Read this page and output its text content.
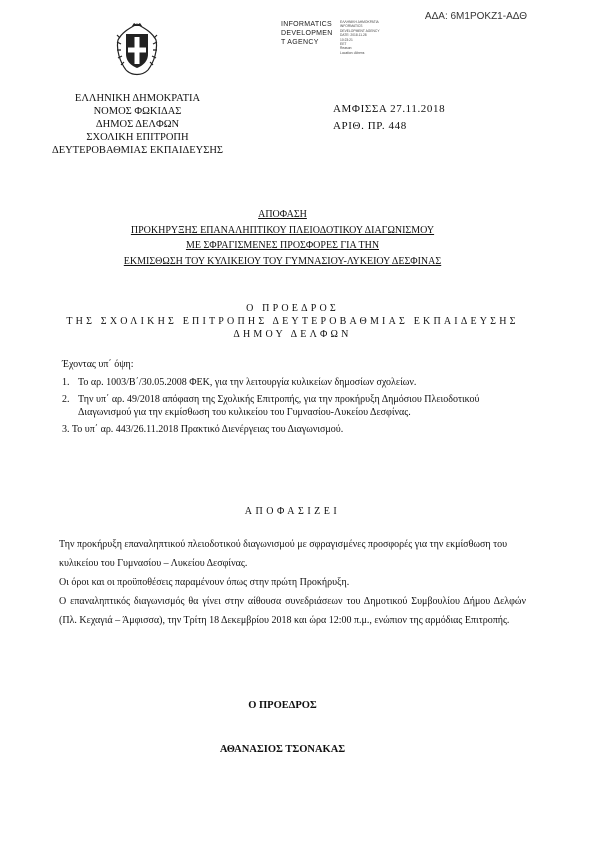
ΑΔΑ: 6Μ1ΡΟΚΖ1-ΑΔΘ
INFORMATICS
DEVELOPMEN
T AGENCY
ΕΛΛΗΝΙΚΗ ΔΗΜΟΚΡΑΤΙΑ
INFORMATICS DEVELOPMENT AGENCY
DATE: 2018.11.28 10:23:21
EET
Reason:
Location: Athens
ΕΛΛΗΝΙΚΗ ΔΗΜΟΚΡΑΤΙΑ
ΝΟΜΟΣ ΦΩΚΙΔΑΣ
ΔΗΜΟΣ ΔΕΛΦΩΝ
ΣΧΟΛΙΚΗ ΕΠΙΤΡΟΠΗ
ΔΕΥΤΕΡΟΒΑΘΜΙΑΣ ΕΚΠΑΙΔΕΥΣΗΣ
ΑΜΦΙΣΣΑ 27.11.2018
ΑΡΙΘ. ΠΡ. 448
ΑΠΟΦΑΣΗ
ΠΡΟΚΗΡΥΞΗΣ ΕΠΑΝΑΛΗΠΤΙΚΟΥ ΠΛΕΙΟΔΟΤΙΚΟΥ ΔΙΑΓΩΝΙΣΜΟΥ
ΜΕ ΣΦΡΑΓΙΣΜΕΝΕΣ ΠΡΟΣΦΟΡΕΣ ΓΙΑ ΤΗΝ
ΕΚΜΙΣΘΩΣΗ ΤΟΥ ΚΥΛΙΚΕΙΟΥ ΤΟΥ ΓΥΜΝΑΣΙΟΥ-ΛΥΚΕΙΟΥ ΔΕΣΦΙΝΑΣ
Ο ΠΡΟΕΔΡΟΣ
ΤΗΣ ΣΧΟΛΙΚΗΣ ΕΠΙΤΡΟΠΗΣ ΔΕΥΤΕΡΟΒΑΘΜΙΑΣ ΕΚΠΑΙΔΕΥΣΗΣ
ΔΗΜΟΥ ΔΕΛΦΩΝ
Έχοντας υπ΄ όψη:
1. Το αρ. 1003/Β΄/30.05.2008 ΦΕΚ, για την λειτουργία κυλικείων δημοσίων σχολείων.
2. Την υπ΄ αρ. 49/2018 απόφαση της Σχολικής Επιτροπής, για την προκήρυξη Δημόσιου Πλειοδοτικού Διαγωνισμού για την εκμίσθωση του κυλικείου του Γυμνασίου-Λυκείου Δεσφίνας.
3. Το υπ΄ αρ. 443/26.11.2018 Πρακτικό Διενέργειας του Διαγωνισμού.
ΑΠΟΦΑΣΙΖΕΙ

Την προκήρυξη επαναληπτικού πλειοδοτικού διαγωνισμού με σφραγισμένες προσφορές για την εκμίσθωση του κυλικείου του Γυμνασίου – Λυκείου Δεσφίνας.

Οι όροι και οι προϋποθέσεις παραμένουν όπως στην πρώτη Προκήρυξη.

Ο επαναληπτικός διαγωνισμός θα γίνει στην αίθουσα συνεδριάσεων του Δημοτικού Συμβουλίου Δήμου Δελφών (Πλ. Κεχαγιά – Άμφισσα), την Τρίτη 18 Δεκεμβρίου 2018 και ώρα 12:00 π.μ., ενώπιον της αρμόδιας Επιτροπής.

Ο ΠΡΟΕΔΡΟΣ
ΑΘΑΝΑΣΙΟΣ ΤΣΟΝΑΚΑΣ
